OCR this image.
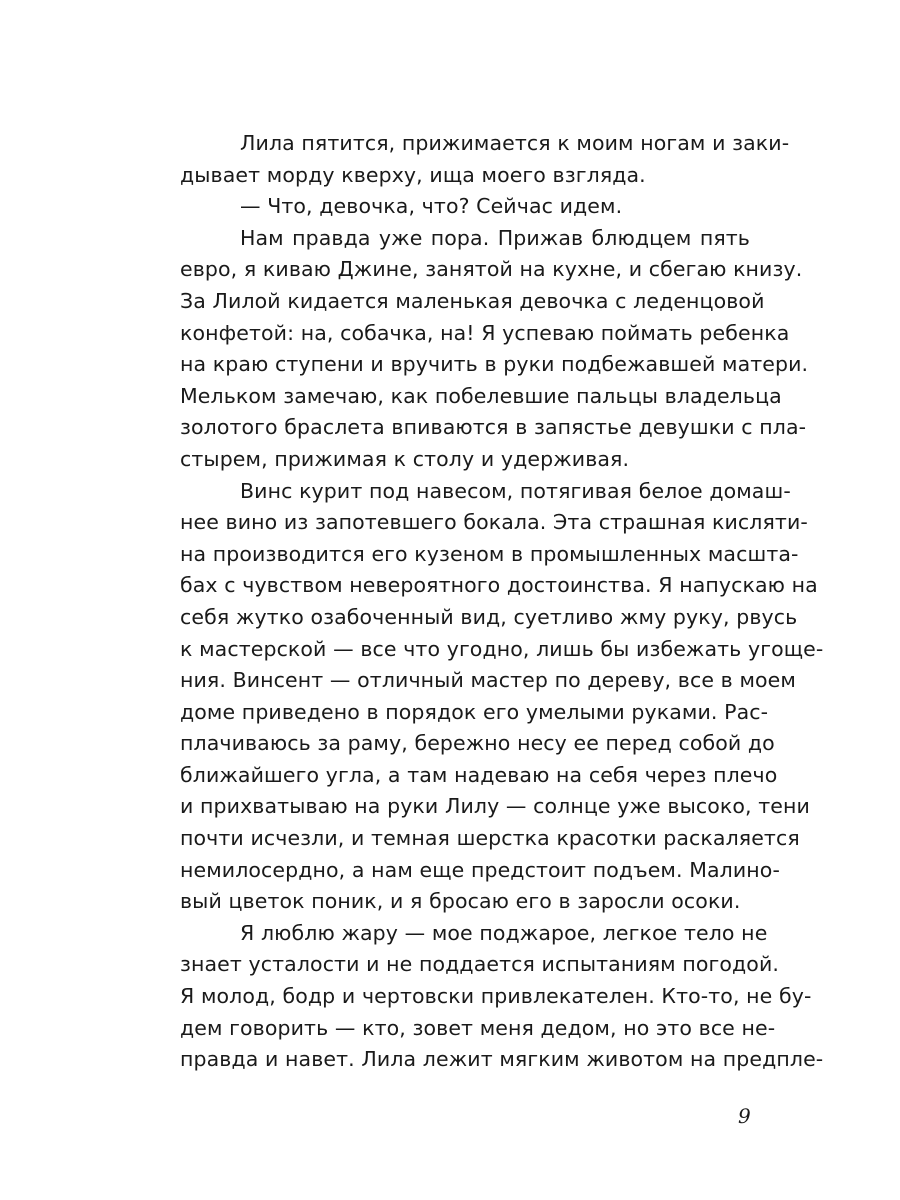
Лила пятится, прижимается к моим ногам и заки-
дывает морду кверху, ища моего взгляда.
— Что, девочка, что? Сейчас идем.
Нам правда уже пора. Прижав блюдцем пять
евро, я киваю Джине, занятой на кухне, и сбегаю книзу.
За Лилой кидается маленькая девочка с леденцовой
конфетой: на, собачка, на! Я успеваю поймать ребенка
на краю ступени и вручить в руки подбежавшей матери.
Мельком замечаю, как побелевшие пальцы владельца
золотого браслета впиваются в запястье девушки с пла-
стырем, прижимая к столу и удерживая.
Винс курит под навесом, потягивая белое домаш-
нее вино из запотевшего бокала. Эта страшная кисляти-
на производится его кузеном в промышленных масшта-
бах с чувством невероятного достоинства. Я напускаю на
себя жутко озабоченный вид, суетливо жму руку, рвусь
к мастерской — все что угодно, лишь бы избежать угоще-
ния. Винсент — отличный мастер по дереву, все в моем
доме приведено в порядок его умелыми руками. Рас-
плачиваюсь за раму, бережно несу ее перед собой до
ближайшего угла, а там надеваю на себя через плечо
и прихватываю на руки Лилу — солнце уже высоко, тени
почти исчезли, и темная шерстка красотки раскаляется
немилосердно, а нам еще предстоит подъем. Малино-
вый цветок поник, и я бросаю его в заросли осоки.
Я люблю жару — мое поджарое, легкое тело не
знает усталости и не поддается испытаниям погодой.
Я молод, бодр и чертовски привлекателен. Кто-то, не бу-
дем говорить — кто, зовет меня дедом, но это все не-
правда и навет. Лила лежит мягким животом на предпле-
9
